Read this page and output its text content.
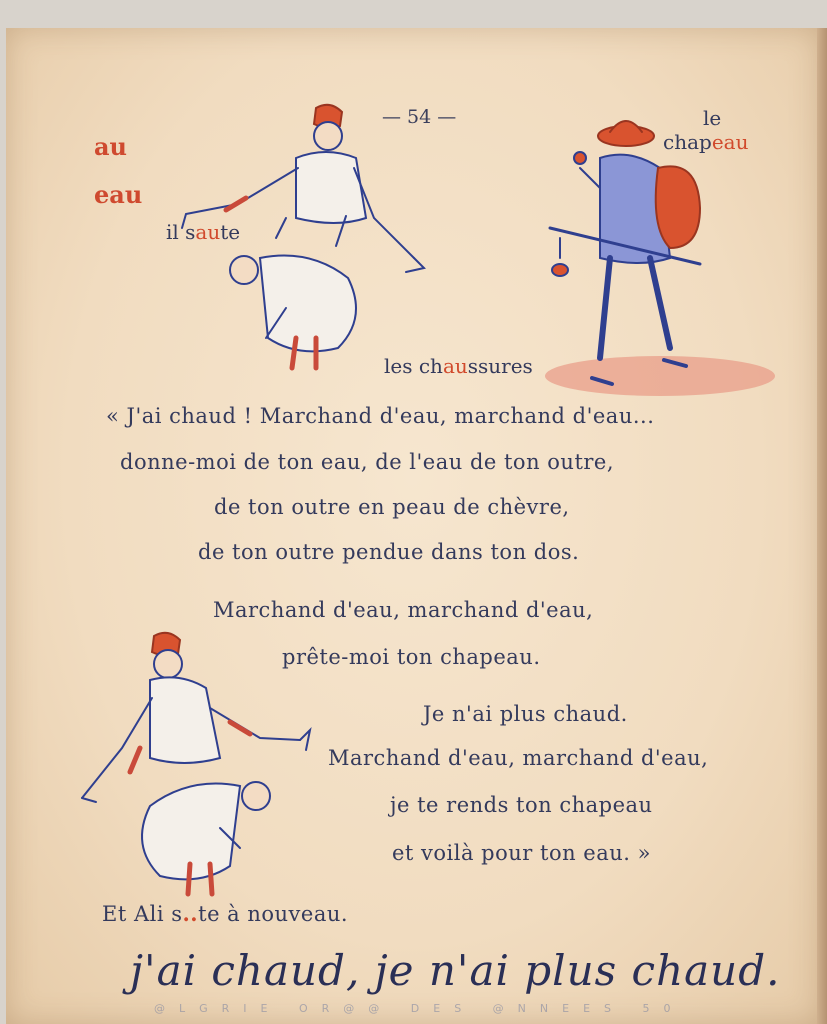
— 54 —
au
eau
il saute
le
chapeau
les chaussures
« J'ai chaud ! Marchand d'eau, marchand d'eau...
donne-moi de ton eau, de l'eau de ton outre,
de ton outre en peau de chèvre,
de ton outre pendue dans ton dos.
Marchand d'eau, marchand d'eau,
prête-moi ton chapeau.
Je n'ai plus chaud.
Marchand d'eau, marchand d'eau,
je te rends ton chapeau
et voilà pour ton eau. »
Et Ali s..te à nouveau.
j'ai chaud, je n'ai plus chaud.
@LGRIE OR@@ DES @NNEES 50
